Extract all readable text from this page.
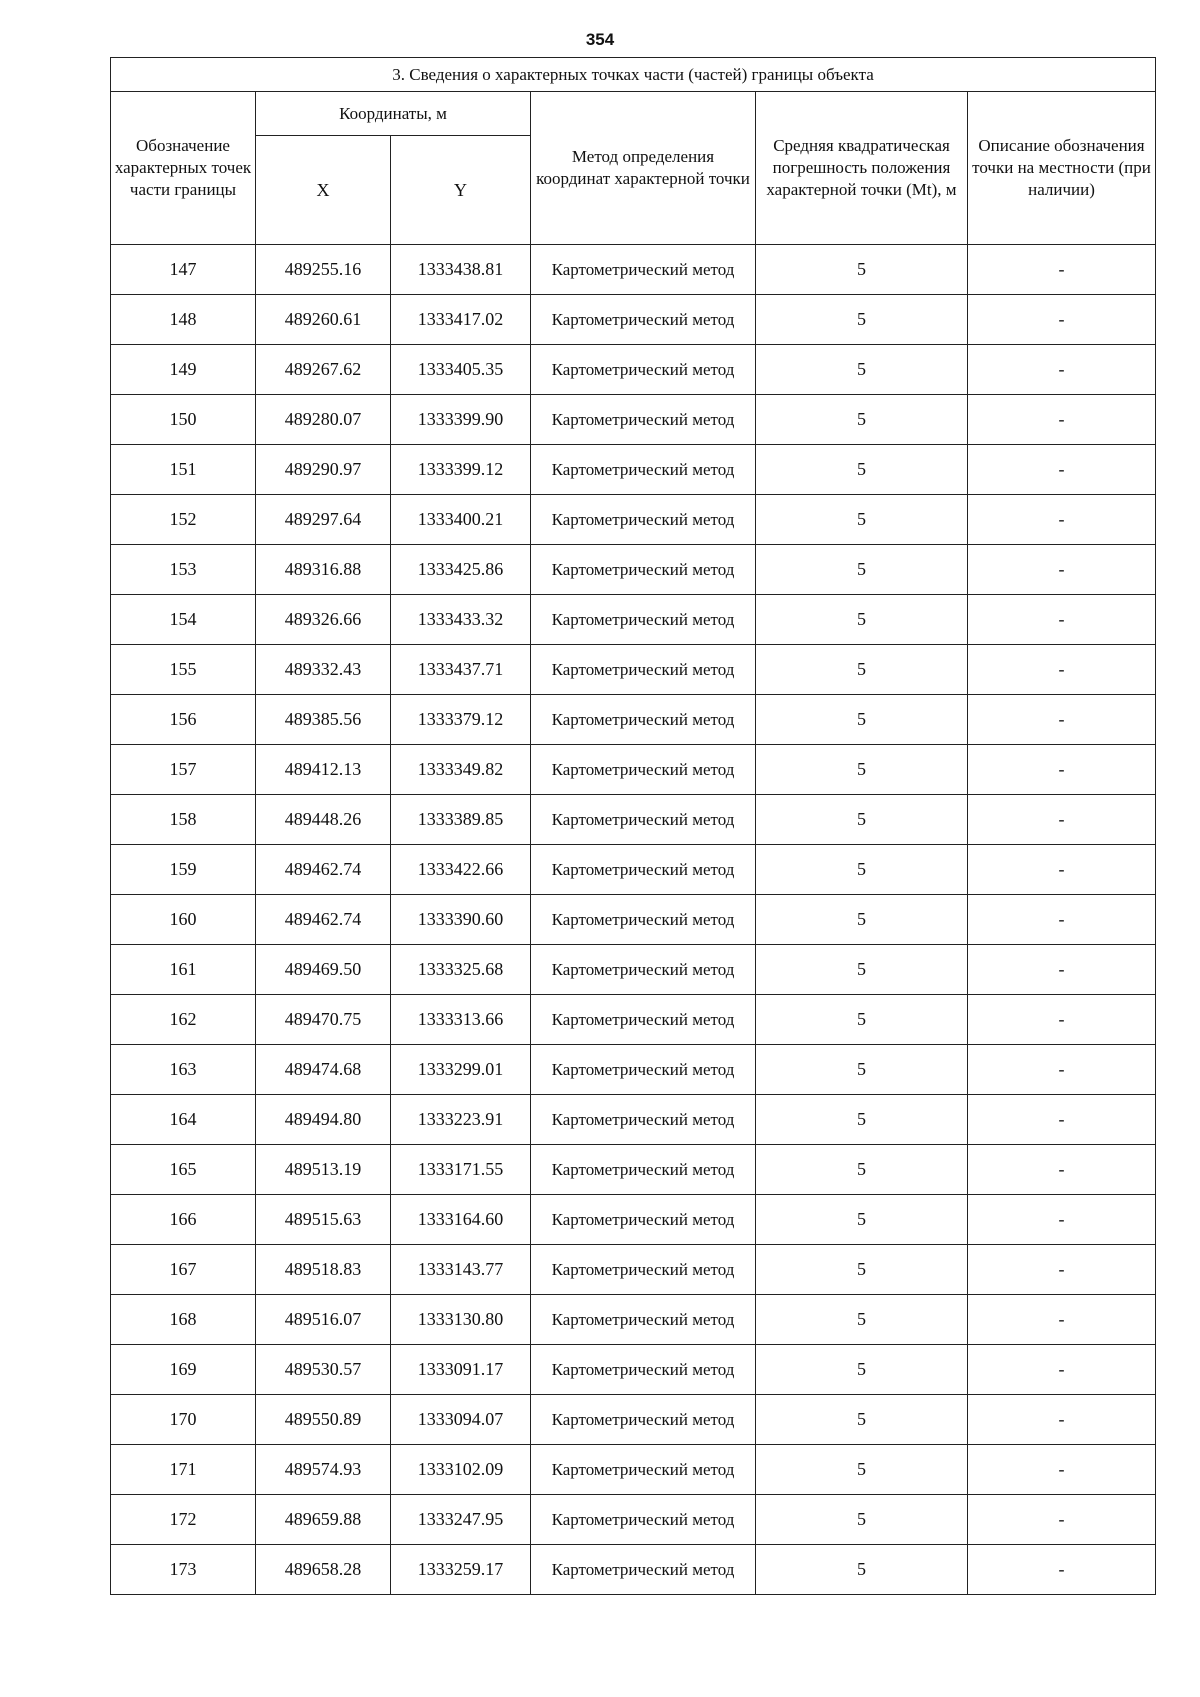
354
3. Сведения о характерных точках части (частей) границы объекта					
Обозначение характерных точек части границы	Координаты, м		Метод определения координат характерной точки	Средняя квадратическая погрешность положения характерной точки (Mt), м	Описание обозначения точки на местности (при наличии)
	X	Y			
147	489255.16	1333438.81	Картометрический метод	5	-
148	489260.61	1333417.02	Картометрический метод	5	-
149	489267.62	1333405.35	Картометрический метод	5	-
150	489280.07	1333399.90	Картометрический метод	5	-
151	489290.97	1333399.12	Картометрический метод	5	-
152	489297.64	1333400.21	Картометрический метод	5	-
153	489316.88	1333425.86	Картометрический метод	5	-
154	489326.66	1333433.32	Картометрический метод	5	-
155	489332.43	1333437.71	Картометрический метод	5	-
156	489385.56	1333379.12	Картометрический метод	5	-
157	489412.13	1333349.82	Картометрический метод	5	-
158	489448.26	1333389.85	Картометрический метод	5	-
159	489462.74	1333422.66	Картометрический метод	5	-
160	489462.74	1333390.60	Картометрический метод	5	-
161	489469.50	1333325.68	Картометрический метод	5	-
162	489470.75	1333313.66	Картометрический метод	5	-
163	489474.68	1333299.01	Картометрический метод	5	-
164	489494.80	1333223.91	Картометрический метод	5	-
165	489513.19	1333171.55	Картометрический метод	5	-
166	489515.63	1333164.60	Картометрический метод	5	-
167	489518.83	1333143.77	Картометрический метод	5	-
168	489516.07	1333130.80	Картометрический метод	5	-
169	489530.57	1333091.17	Картометрический метод	5	-
170	489550.89	1333094.07	Картометрический метод	5	-
171	489574.93	1333102.09	Картометрический метод	5	-
172	489659.88	1333247.95	Картометрический метод	5	-
173	489658.28	1333259.17	Картометрический метод	5	-
